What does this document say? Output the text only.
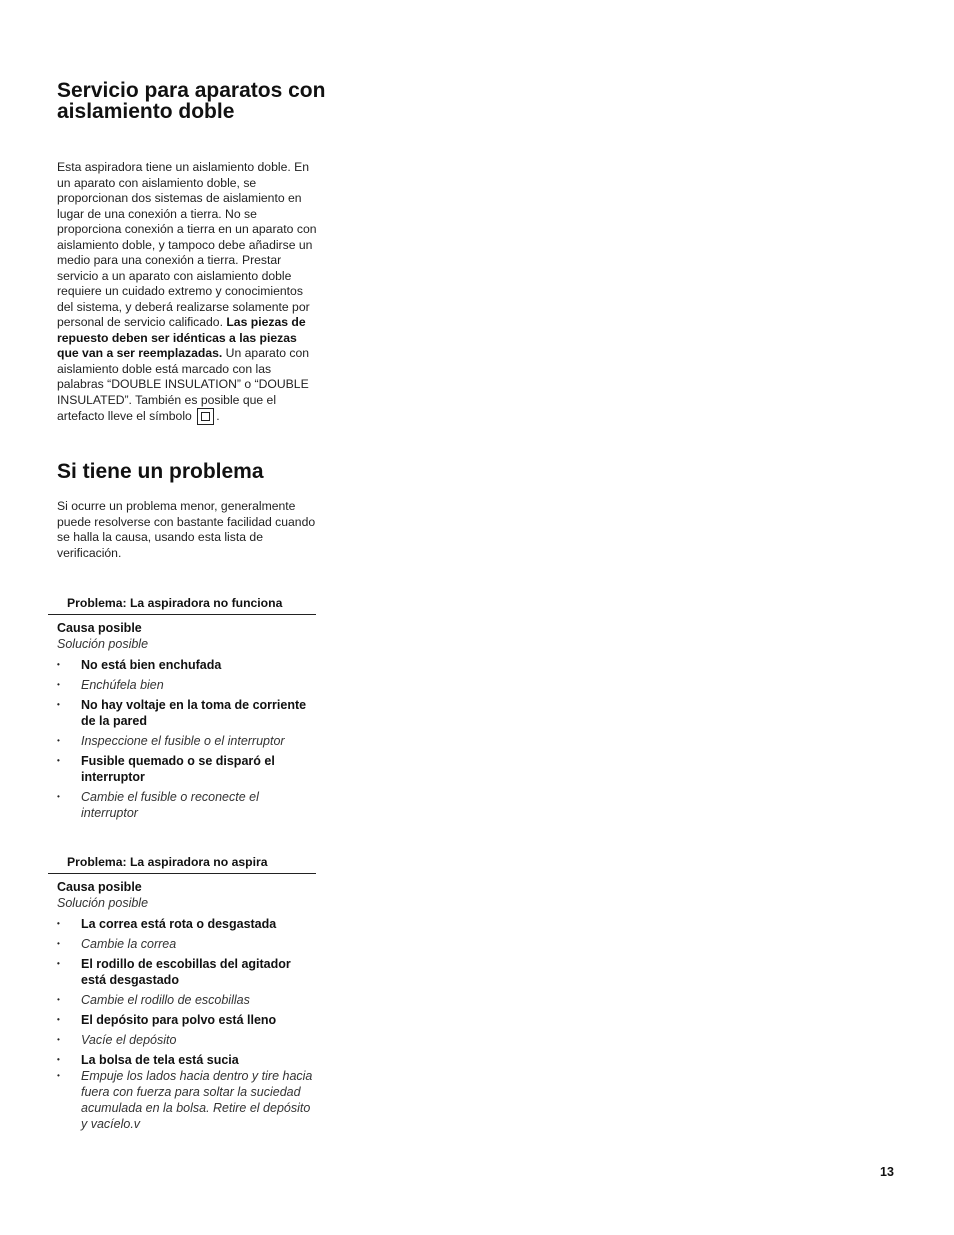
Servicio para aparatos con aislamiento doble
Esta aspiradora tiene un aislamiento doble. En un aparato con aislamiento doble, se proporcionan dos sistemas de aislamiento en lugar de una conexión a tierra. No se proporciona conexión a tierra en un aparato con aislamiento doble, y tampoco debe añadirse un medio para una conexión a tierra. Prestar servicio a un aparato con aislamiento doble requiere un cuidado extremo y conocimientos del sistema, y deberá realizarse solamente por personal de servicio calificado. Las piezas de repuesto deben ser idénticas a las piezas que van a ser reemplazadas. Un aparato con aislamiento doble está marcado con las palabras “DOUBLE INSULATION” o “DOUBLE INSULATED”. También es posible que el artefacto lleve el símbolo .
Si tiene un problema
Si ocurre un problema menor, generalmente puede resolverse con bastante facilidad cuando se halla la causa, usando esta lista de verificación.
Problema: La aspiradora no funciona
Causa posible
Solución posible
• No está bien enchufada
• Enchúfela bien
• No hay voltaje en la toma de corriente de la pared
• Inspeccione el fusible o el interruptor
• Fusible quemado o se disparó el interruptor
• Cambie el fusible o reconecte el interruptor
Problema: La aspiradora no aspira
Causa posible
Solución posible
• La correa está rota o desgastada
• Cambie la correa
• El rodillo de escobillas del agitador está desgastado
• Cambie el rodillo de escobillas
• El depósito para polvo está lleno
• Vacíe el depósito
• La bolsa de tela está sucia
• Empuje los lados hacia dentro y tire hacia fuera con fuerza para soltar la suciedad acumulada en la bolsa. Retire el depósito y vacíelo.v
13
